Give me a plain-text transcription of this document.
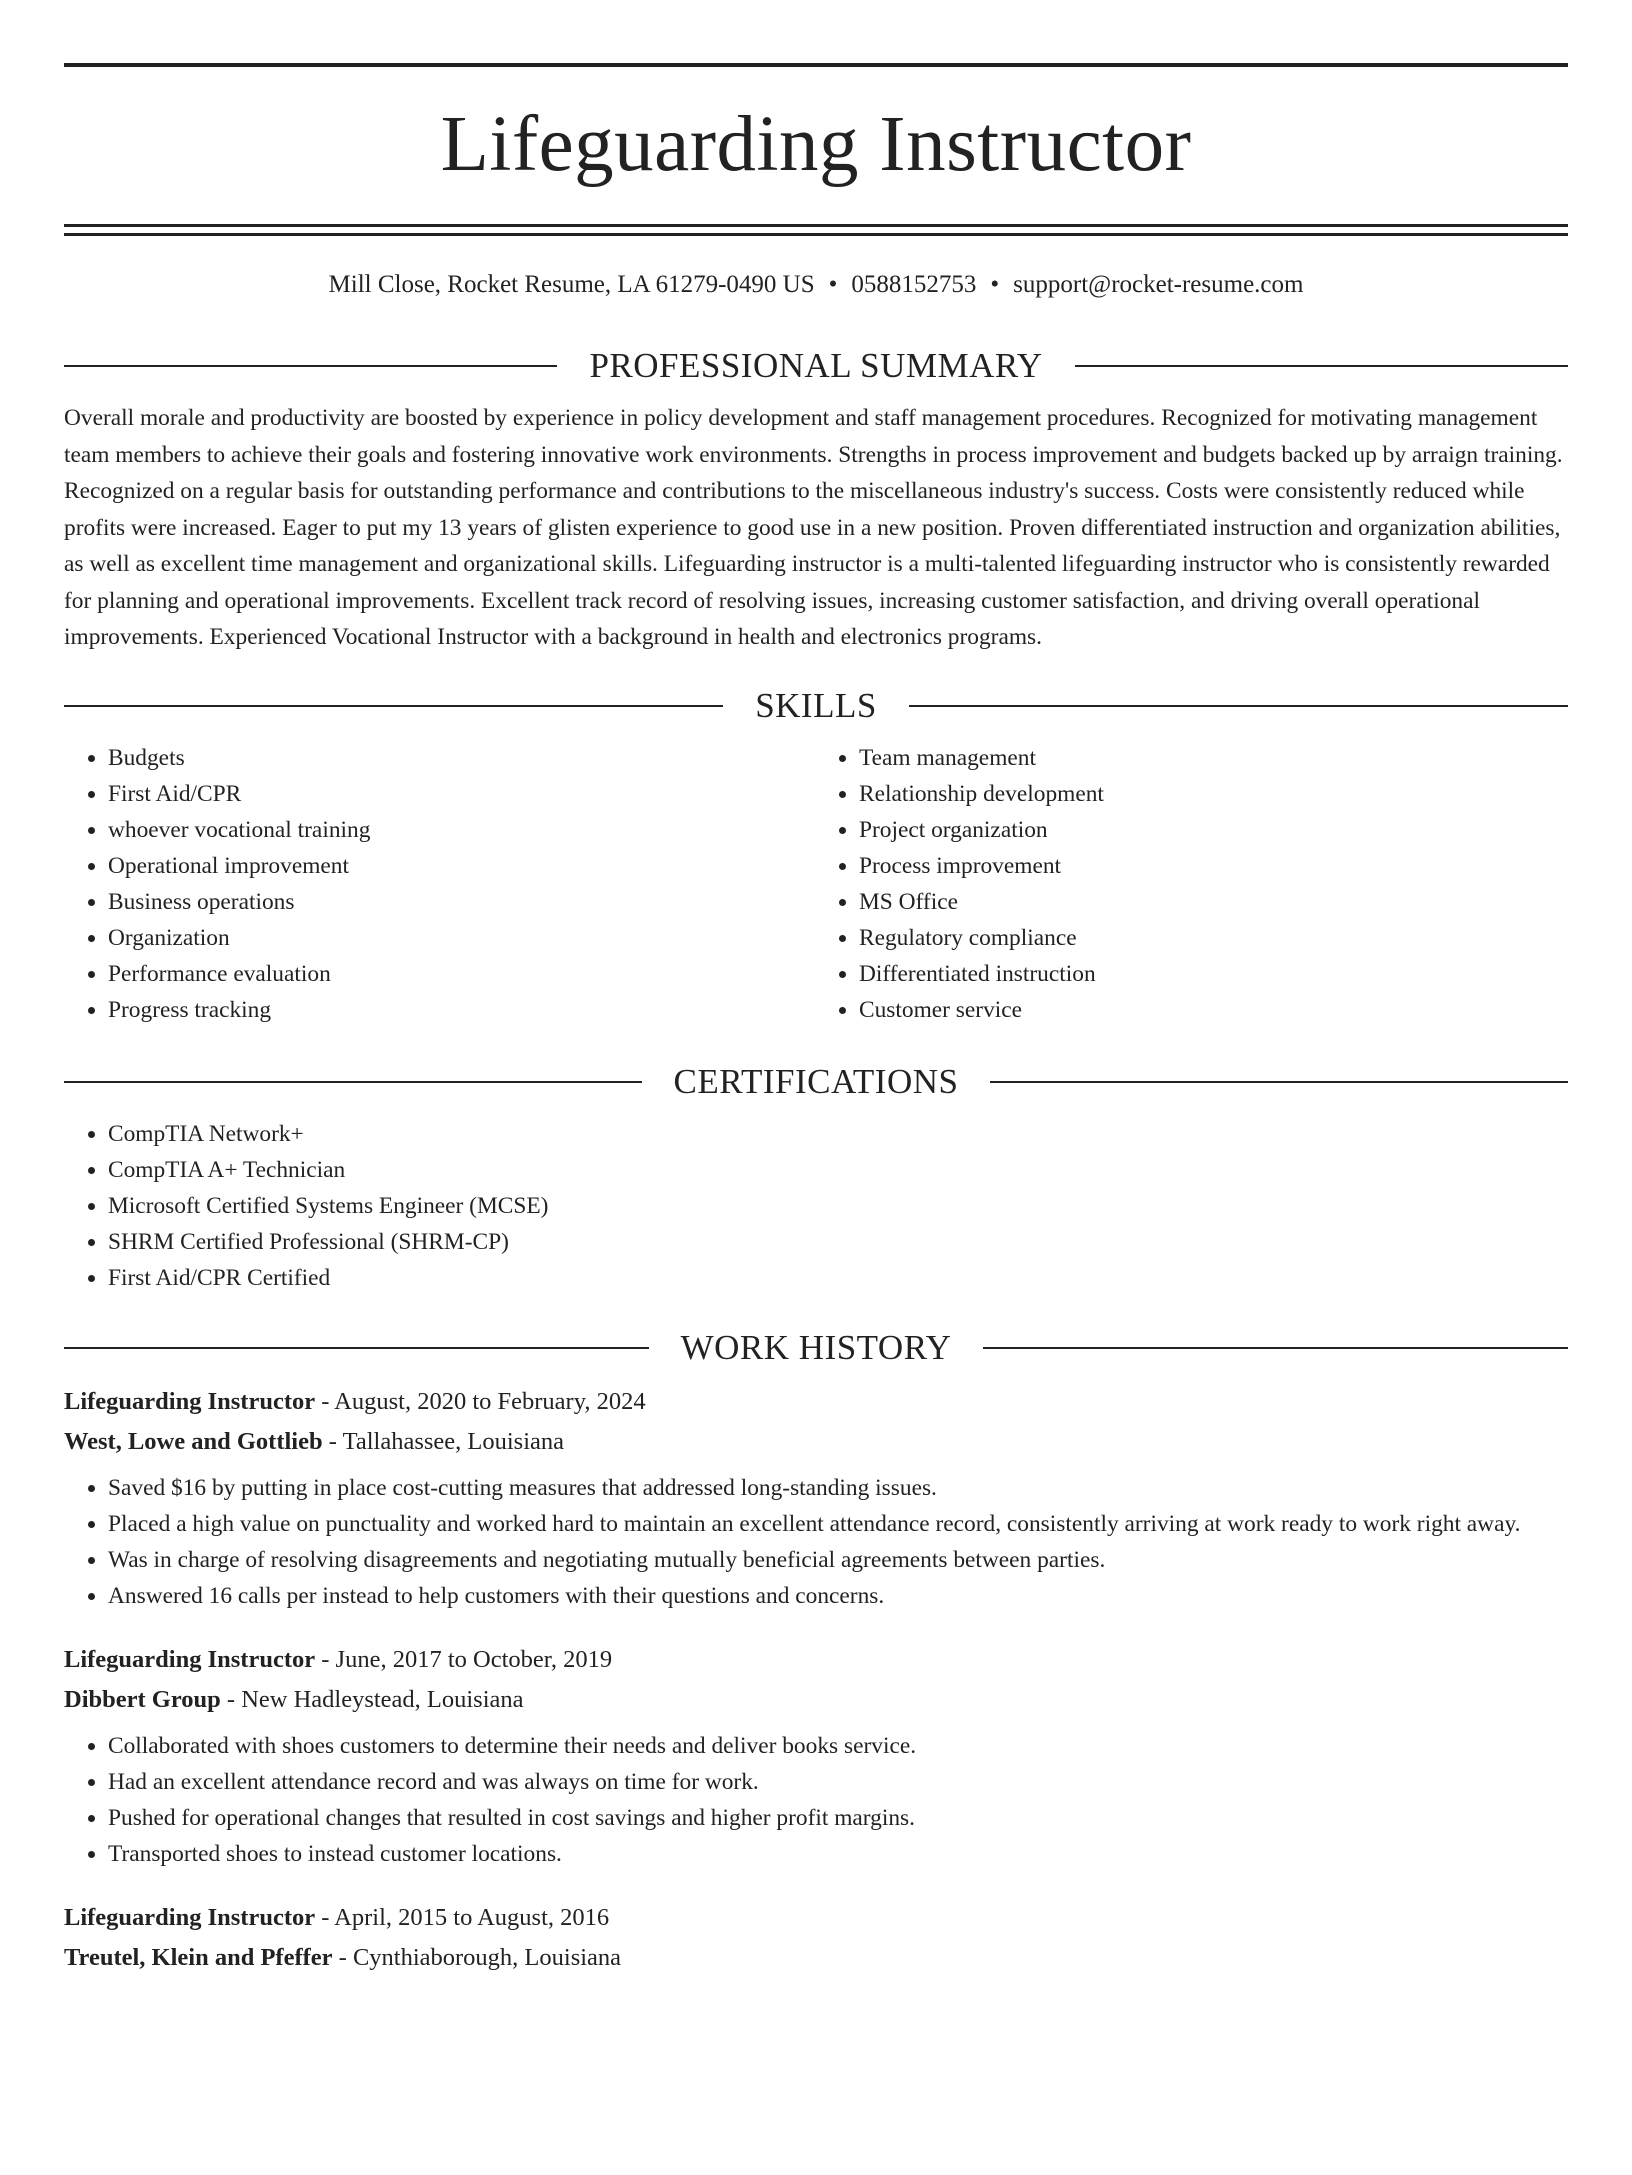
Lifeguarding Instructor
Mill Close, Rocket Resume, LA 61279-0490 US • 0588152753 • support@rocket-resume.com
PROFESSIONAL SUMMARY

Overall morale and productivity are boosted by experience in policy development and staff management procedures. Recognized for motivating management team members to achieve their goals and fostering innovative work environments. Strengths in process improvement and budgets backed up by arraign training. Recognized on a regular basis for outstanding performance and contributions to the miscellaneous industry's success. Costs were consistently reduced while profits were increased. Eager to put my 13 years of glisten experience to good use in a new position. Proven differentiated instruction and organization abilities, as well as excellent time management and organizational skills. Lifeguarding instructor is a multi-talented lifeguarding instructor who is consistently rewarded for planning and operational improvements. Excellent track record of resolving issues, increasing customer satisfaction, and driving overall operational improvements. Experienced Vocational Instructor with a background in health and electronics programs.

SKILLS
• Budgets
• First Aid/CPR
• whoever vocational training
• Operational improvement
• Business operations
• Organization
• Performance evaluation
• Progress tracking
• Team management
• Relationship development
• Project organization
• Process improvement
• MS Office
• Regulatory compliance
• Differentiated instruction
• Customer service
CERTIFICATIONS
• CompTIA Network+
• CompTIA A+ Technician
• Microsoft Certified Systems Engineer (MCSE)
• SHRM Certified Professional (SHRM-CP)
• First Aid/CPR Certified
WORK HISTORY
Lifeguarding Instructor - August, 2020 to February, 2024
West, Lowe and Gottlieb - Tallahassee, Louisiana
• Saved $16 by putting in place cost-cutting measures that addressed long-standing issues.
• Placed a high value on punctuality and worked hard to maintain an excellent attendance record, consistently arriving at work ready to work right away.
• Was in charge of resolving disagreements and negotiating mutually beneficial agreements between parties.
• Answered 16 calls per instead to help customers with their questions and concerns.
Lifeguarding Instructor - June, 2017 to October, 2019
Dibbert Group - New Hadleystead, Louisiana
• Collaborated with shoes customers to determine their needs and deliver books service.
• Had an excellent attendance record and was always on time for work.
• Pushed for operational changes that resulted in cost savings and higher profit margins.
• Transported shoes to instead customer locations.
Lifeguarding Instructor - April, 2015 to August, 2016
Treutel, Klein and Pfeffer - Cynthiaborough, Louisiana
